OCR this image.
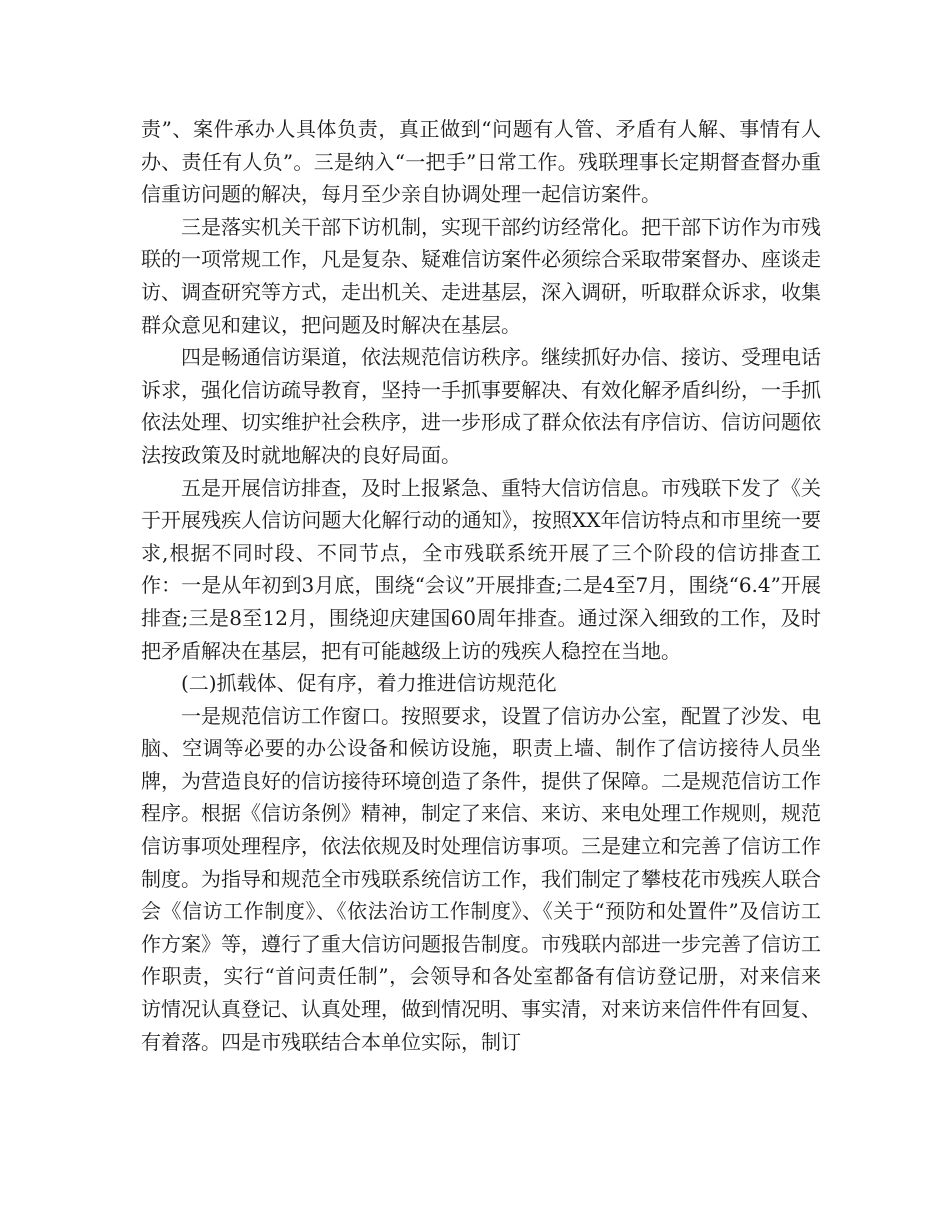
责”、案件承办人具体负责，真正做到“问题有人管、矛盾有人解、事情有人办、责任有人负”。三是纳入“一把手”日常工作。残联理事长定期督查督办重信重访问题的解决，每月至少亲自协调处理一起信访案件。

三是落实机关干部下访机制，实现干部约访经常化。把干部下访作为市残联的一项常规工作，凡是复杂、疑难信访案件必须综合采取带案督办、座谈走访、调查研究等方式，走出机关、走进基层，深入调研，听取群众诉求，收集群众意见和建议，把问题及时解决在基层。

四是畅通信访渠道，依法规范信访秩序。继续抓好办信、接访、受理电话诉求，强化信访疏导教育，坚持一手抓事要解决、有效化解矛盾纠纷，一手抓依法处理、切实维护社会秩序，进一步形成了群众依法有序信访、信访问题依法按政策及时就地解决的良好局面。

五是开展信访排查，及时上报紧急、重特大信访信息。市残联下发了《关于开展残疾人信访问题大化解行动的通知》，按照XX年信访特点和市里统一要求,根据不同时段、不同节点，全市残联系统开展了三个阶段的信访排查工作：一是从年初到3月底，围绕“会议”开展排查;二是4至7月，围绕“6.4”开展排查;三是8至12月，围绕迎庆建国60周年排查。通过深入细致的工作，及时把矛盾解决在基层，把有可能越级上访的残疾人稳控在当地。

(二)抓载体、促有序，着力推进信访规范化

一是规范信访工作窗口。按照要求，设置了信访办公室，配置了沙发、电脑、空调等必要的办公设备和候访设施，职责上墙、制作了信访接待人员坐牌，为营造良好的信访接待环境创造了条件，提供了保障。二是规范信访工作程序。根据《信访条例》精神，制定了来信、来访、来电处理工作规则，规范信访事项处理程序，依法依规及时处理信访事项。三是建立和完善了信访工作制度。为指导和规范全市残联系统信访工作，我们制定了攀枝花市残疾人联合会《信访工作制度》、《依法治访工作制度》、《关于“预防和处置件”及信访工作方案》等，遵行了重大信访问题报告制度。市残联内部进一步完善了信访工作职责，实行“首问责任制”，会领导和各处室都备有信访登记册，对来信来访情况认真登记、认真处理，做到情况明、事实清，对来访来信件件有回复、有着落。四是市残联结合本单位实际，制订
